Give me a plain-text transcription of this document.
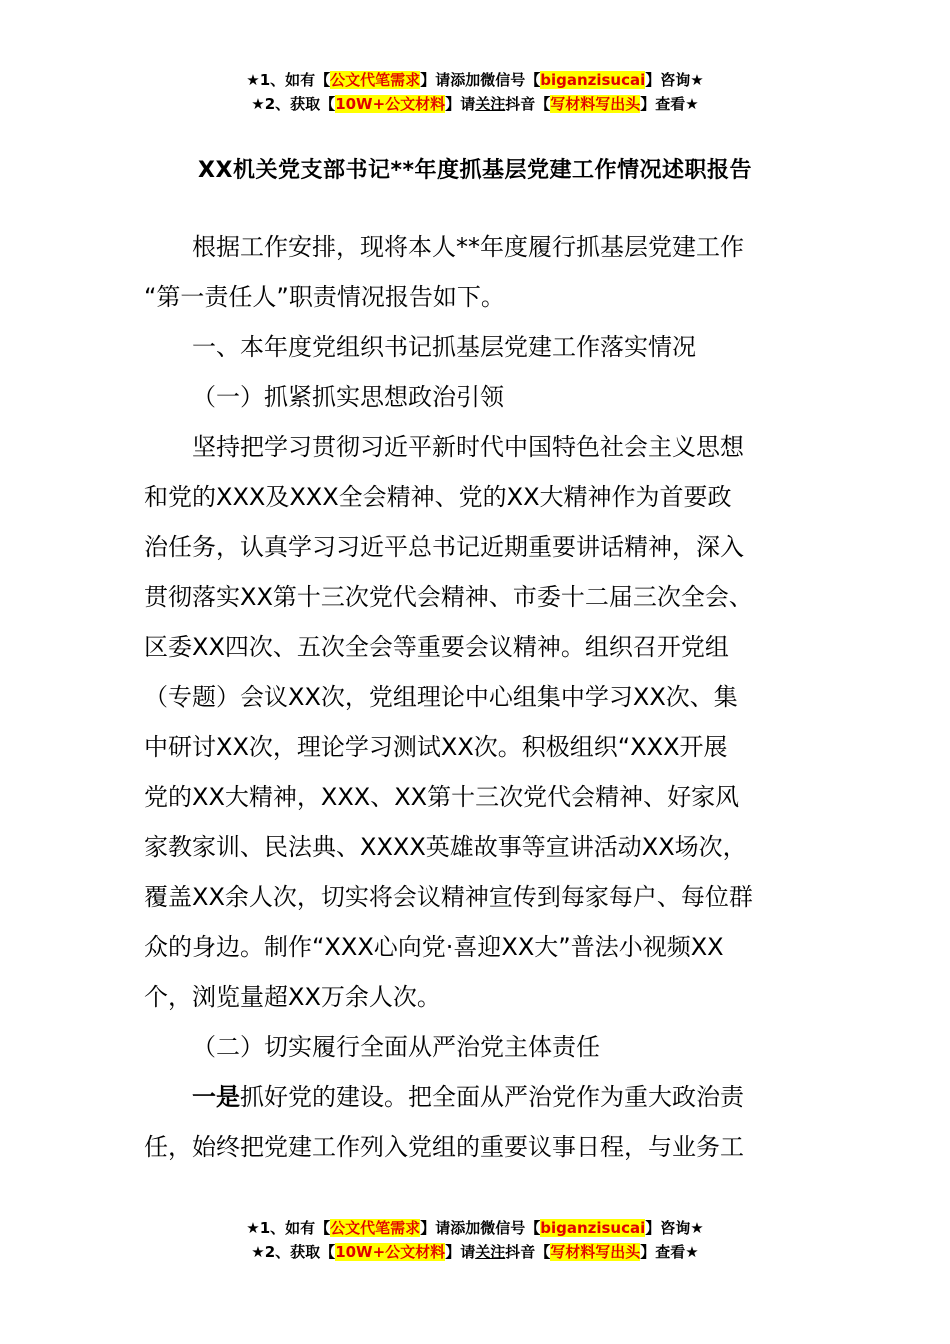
★1、如有【公文代笔需求】请添加微信号【biganzisucai】咨询★
★2、获取【10W+公文材料】请关注抖音【写材料写出头】查看★
XX机关党支部书记**年度抓基层党建工作情况述职报告
根据工作安排，现将本人**年度履行抓基层党建工作
“第一责任人”职责情况报告如下。
一、本年度党组织书记抓基层党建工作落实情况
（一）抓紧抓实思想政治引领
坚持把学习贯彻习近平新时代中国特色社会主义思想
和党的XXX及XXX全会精神、党的XX大精神作为首要政
治任务，认真学习习近平总书记近期重要讲话精神，深入
贯彻落实XX第十三次党代会精神、市委十二届三次全会、
区委XX四次、五次全会等重要会议精神。组织召开党组
（专题）会议XX次，党组理论中心组集中学习XX次、集
中研讨XX次，理论学习测试XX次。积极组织“XXX开展
党的XX大精神，XXX、XX第十三次党代会精神、好家风
家教家训、民法典、XXXX英雄故事等宣讲活动XX场次，
覆盖XX余人次，切实将会议精神宣传到每家每户、每位群
众的身边。制作“XXX心向党·喜迎XX大”普法小视频XX
个，浏览量超XX万余人次。
（二）切实履行全面从严治党主体责任
一是抓好党的建设。把全面从严治党作为重大政治责
任，始终把党建工作列入党组的重要议事日程，与业务工
★1、如有【公文代笔需求】请添加微信号【biganzisucai】咨询★
★2、获取【10W+公文材料】请关注抖音【写材料写出头】查看★
